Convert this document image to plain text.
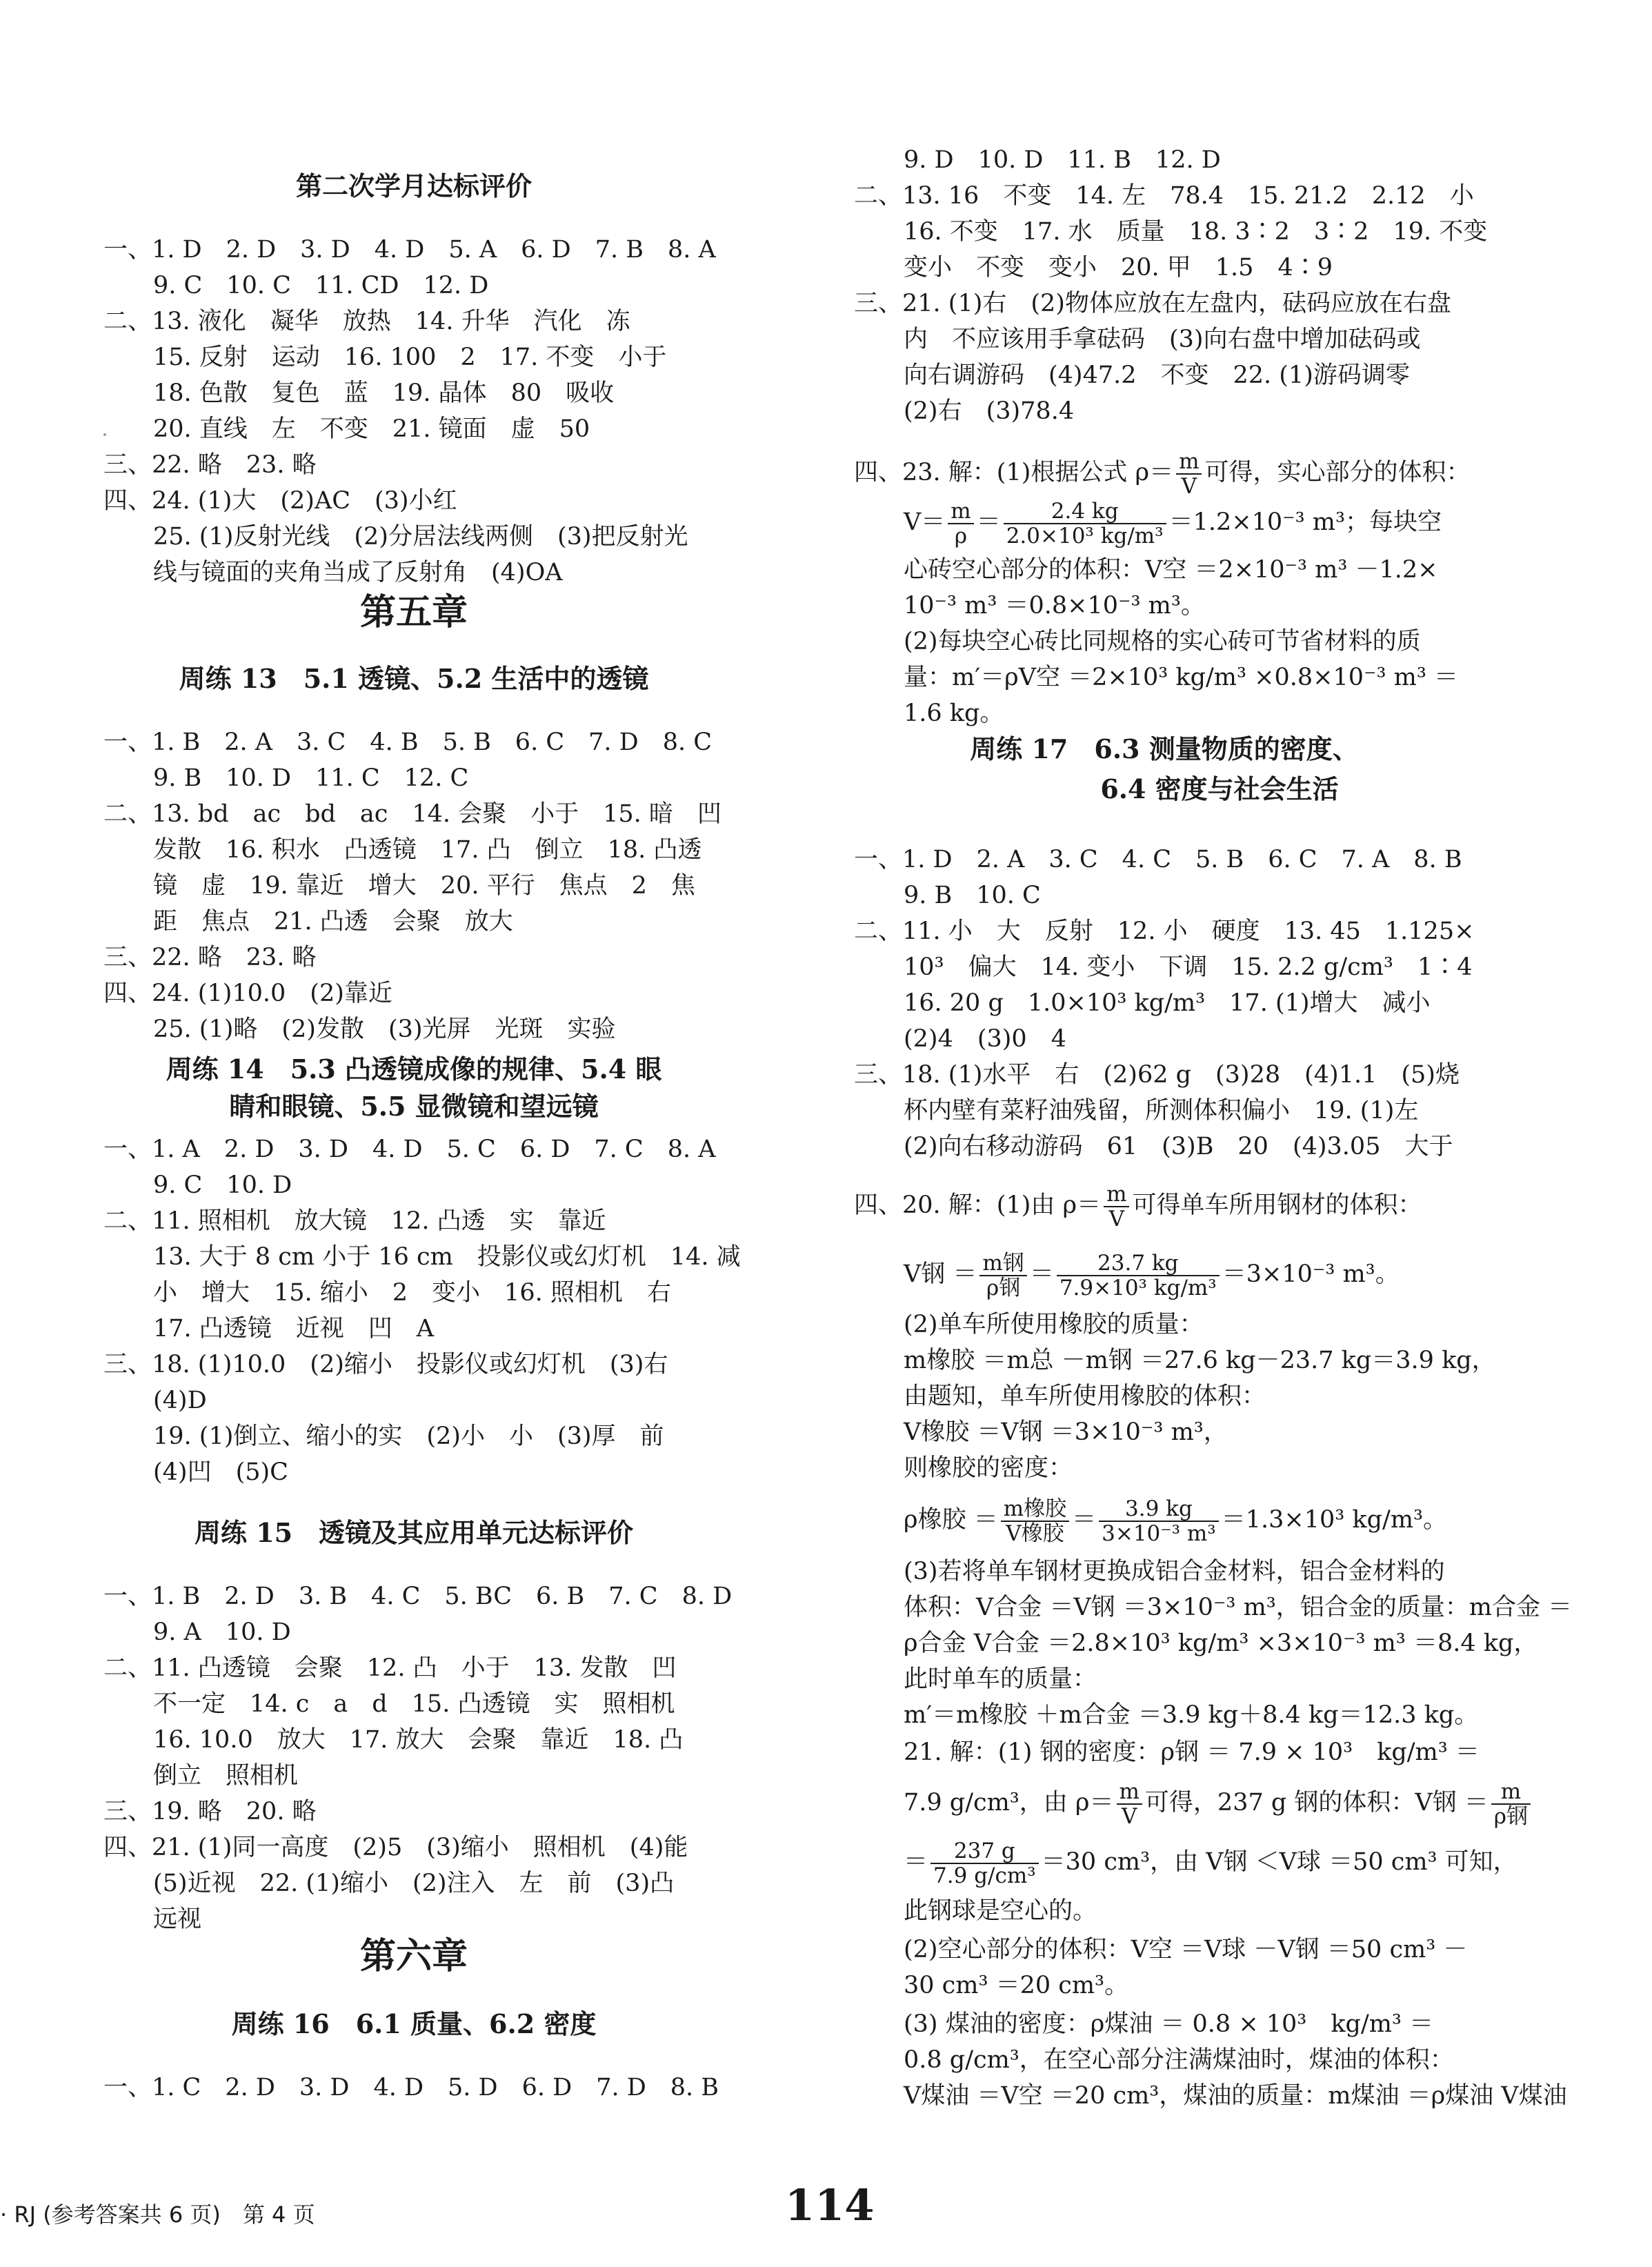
第二次学月达标评价
一、1. D　2. D　3. D　4. D　5. A　6. D　7. B　8. A
9. C　10. C　11. CD　12. D
二、13. 液化　凝华　放热　14. 升华　汽化　冻
15. 反射　运动　16. 100　2　17. 不变　小于
18. 色散　复色　蓝　19. 晶体　80　吸收
20. 直线　左　不变　21. 镜面　虚　50
三、22. 略　23. 略
四、24. (1)大　(2)AC　(3)小红
25. (1)反射光线　(2)分居法线两侧　(3)把反射光
线与镜面的夹角当成了反射角　(4)OA
第五章
周练 13　5.1 透镜、5.2 生活中的透镜
一、1. B　2. A　3. C　4. B　5. B　6. C　7. D　8. C
9. B　10. D　11. C　12. C
二、13. bd　ac　bd　ac　14. 会聚　小于　15. 暗　凹
发散　16. 积水　凸透镜　17. 凸　倒立　18. 凸透
镜　虚　19. 靠近　增大　20. 平行　焦点　2　焦
距　焦点　21. 凸透　会聚　放大
三、22. 略　23. 略
四、24. (1)10.0　(2)靠近
25. (1)略　(2)发散　(3)光屏　光斑　实验
周练 14　5.3 凸透镜成像的规律、5.4 眼
睛和眼镜、5.5 显微镜和望远镜
一、1. A　2. D　3. D　4. D　5. C　6. D　7. C　8. A
9. C　10. D
二、11. 照相机　放大镜　12. 凸透　实　靠近
13. 大于 8 cm 小于 16 cm　投影仪或幻灯机　14. 减
小　增大　15. 缩小　2　变小　16. 照相机　右
17. 凸透镜　近视　凹　A
三、18. (1)10.0　(2)缩小　投影仪或幻灯机　(3)右
(4)D
19. (1)倒立、缩小的实　(2)小　小　(3)厚　前
(4)凹　(5)C
周练 15　透镜及其应用单元达标评价
一、1. B　2. D　3. B　4. C　5. BC　6. B　7. C　8. D
9. A　10. D
二、11. 凸透镜　会聚　12. 凸　小于　13. 发散　凹
不一定　14. c　a　d　15. 凸透镜　实　照相机
16. 10.0　放大　17. 放大　会聚　靠近　18. 凸
倒立　照相机
三、19. 略　20. 略
四、21. (1)同一高度　(2)5　(3)缩小　照相机　(4)能
(5)近视　22. (1)缩小　(2)注入　左　前　(3)凸
远视
第六章
周练 16　6.1 质量、6.2 密度
一、1. C　2. D　3. D　4. D　5. D　6. D　7. D　8. B
9. D　10. D　11. B　12. D
二、13. 16　不变　14. 左　78.4　15. 21.2　2.12　小
16. 不变　17. 水　质量　18. 3∶2　3∶2　19. 不变
变小　不变　变小　20. 甲　1.5　4∶9
三、21. (1)右　(2)物体应放在左盘内，砝码应放在右盘
内　不应该用手拿砝码　(3)向右盘中增加砝码或
向右调游码　(4)47.2　不变　22. (1)游码调零
(2)右　(3)78.4
四、23. 解：(1)根据公式 $\rho= \frac{m}{V}$ 可得，实心部分的体积：
$V= \frac{m}{\rho} = \frac{2.4 kg}{\text{2.0×10³ kg/m³}} =1.2\times 10^{-3}$ m³；每块空
心砖空心部分的体积：V空 ＝2×10⁻³ m³ －1.2×
10⁻³ m³ ＝0.8×10⁻³ m³。
(2)每块空心砖比同规格的实心砖可节省材料的质
量：m′＝ρV空 ＝2×10³ kg/m³ ×0.8×10⁻³ m³ ＝
1.6 kg。
周练 17　6.3 测量物质的密度、
6.4 密度与社会生活
一、1. D　2. A　3. C　4. C　5. B　6. C　7. A　8. B
9. B　10. C
二、11. 小　大　反射　12. 小　硬度　13. 45　1.125×
10³　偏大　14. 变小　下调　15. 2.2 g/cm³　1∶4
16. 20 g　1.0×10³ kg/m³　17. (1)增大　减小
(2)4　(3)0　4
三、18. (1)水平　右　(2)62 g　(3)28　(4)1.1　(5)烧
杯内壁有菜籽油残留，所测体积偏小　19. (1)左
(2)向右移动游码　61　(3)B　20　(4)3.05　大于
四、20. 解：(1)由 $\rho= \frac{m}{V}$ 可得单车所用钢材的体积：
V钢 ＝ $\frac{\text{m钢}}{\text{ρ钢}} = \frac{23.7 kg}{\text{7.9×10³ kg/m³}} =3\times 10^{-3}$ m³。
(2)单车所使用橡胶的质量：
m橡胶 ＝m总 －m钢 ＝27.6 kg－23.7 kg＝3.9 kg，
由题知，单车所使用橡胶的体积：
V橡胶 ＝V钢 ＝3×10⁻³ m³，
则橡胶的密度：
ρ橡胶 ＝ $\frac{\text{m橡胶}}{\text{V橡胶}} = \frac{3.9 kg}{\text{3×10⁻³ m³}} =1.3\times 10^3$ kg/m³。
(3)若将单车钢材更换成铝合金材料，铝合金材料的
体积：V合金 ＝V钢 ＝3×10⁻³ m³，铝合金的质量：m合金 ＝
ρ合金 V合金 ＝2.8×10³ kg/m³ ×3×10⁻³ m³ ＝8.4 kg，
此时单车的质量：
m′＝m橡胶 ＋m合金 ＝3.9 kg＋8.4 kg＝12.3 kg。
21. 解：(1) 钢的密度：ρ钢 ＝ 7.9 × 10³　kg/m³ ＝
7.9 g/cm³，由 $\rho= \frac{m}{V}$ 可得，237 g 钢的体积：V钢 ＝ $\frac{m}{\text{ρ钢}}$
＝ $\frac{237 g}{\text{7.9 g/cm³}} =30$ cm³，由 V钢 ＜V球 ＝50 cm³ 可知，
此钢球是空心的。
(2)空心部分的体积：V空 ＝V球 －V钢 ＝50 cm³ －
30 cm³ ＝20 cm³。
(3) 煤油的密度：ρ煤油 ＝ 0.8 × 10³　kg/m³ ＝
0.8 g/cm³，在空心部分注满煤油时，煤油的体积：
V煤油 ＝V空 ＝20 cm³，煤油的质量：m煤油 ＝ρ煤油 V煤油
· RJ (参考答案共 6 页)　第 4 页	114
